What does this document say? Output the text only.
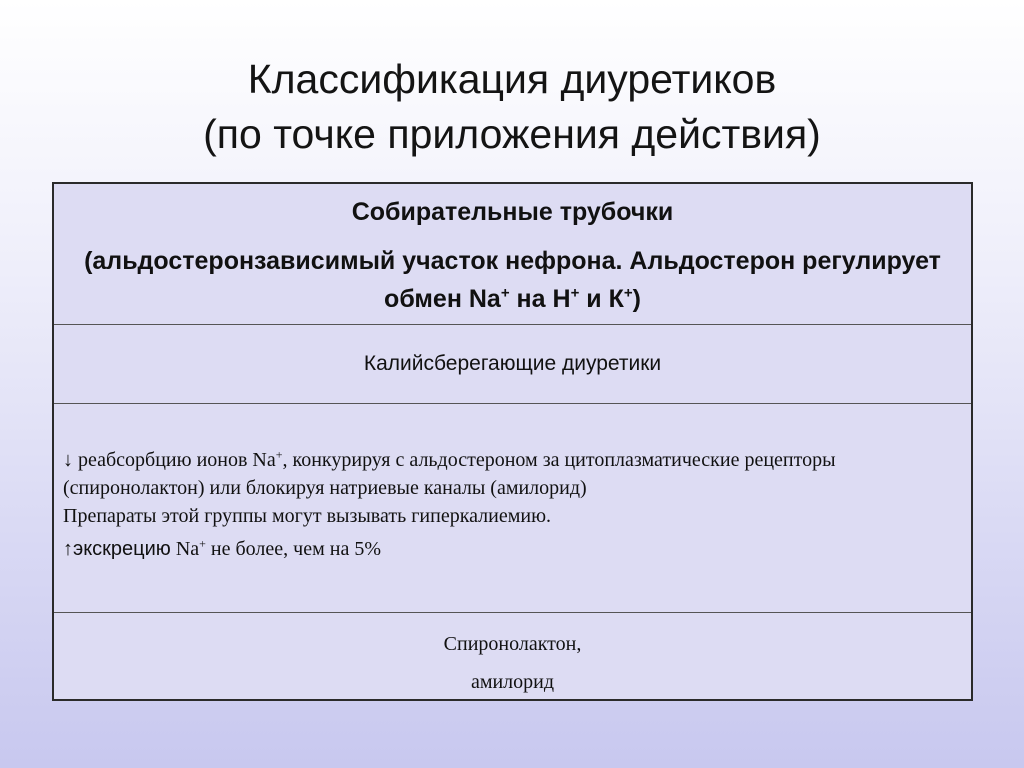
Классификация диуретиков
(по точке приложения действия)
Собирательные трубочки
(альдостеронзависимый участок нефрона. Альдостерон регулирует обмен Na+ на Н+ и К+)
Калийсберегающие диуретики

↓ реабсорбцию ионов Na+, конкурируя с альдостероном за цитоплазматические рецепторы (спиронолактон) или блокируя натриевые каналы (амилорид)

Препараты этой группы могут вызывать гиперкалиемию.

↑экскрецию Na+ не более, чем на 5%

Спиронолактон,
амилорид
